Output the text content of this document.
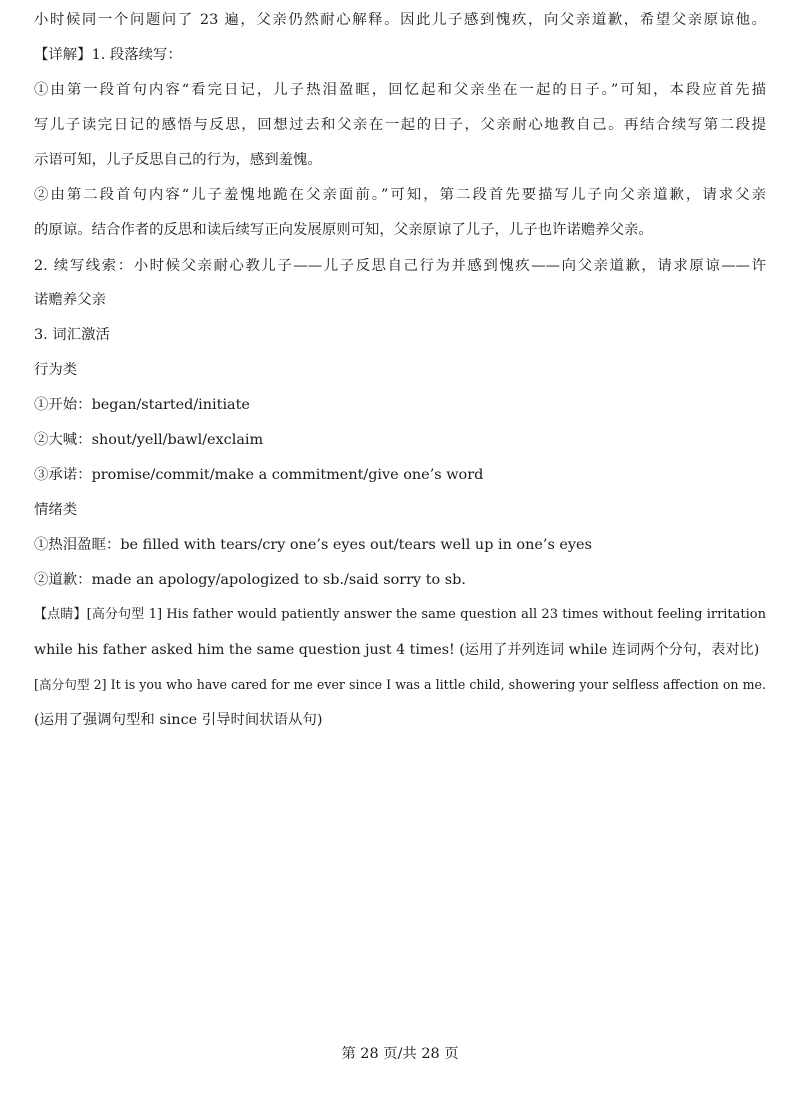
小时候同一个问题问了 23 遍，父亲仍然耐心解释。因此儿子感到愧疚，向父亲道歉，希望父亲原谅他。
【详解】1. 段落续写：
①由第一段首句内容“看完日记，儿子热泪盈眶，回忆起和父亲坐在一起的日子。”可知，本段应首先描
写儿子读完日记的感悟与反思，回想过去和父亲在一起的日子，父亲耐心地教自己。再结合续写第二段提
示语可知，儿子反思自己的行为，感到羞愧。
②由第二段首句内容“儿子羞愧地跪在父亲面前。”可知，第二段首先要描写儿子向父亲道歉，请求父亲
的原谅。结合作者的反思和读后续写正向发展原则可知，父亲原谅了儿子，儿子也许诺赡养父亲。
2. 续写线索：小时候父亲耐心教儿子——儿子反思自己行为并感到愧疚——向父亲道歉，请求原谅——许
诺赡养父亲
3. 词汇激活
行为类
①开始：began/started/initiate
②大喊：shout/yell/bawl/exclaim
③承诺：promise/commit/make a commitment/give one’s word
情绪类
①热泪盈眶：be filled with tears/cry one’s eyes out/tears well up in one’s eyes
②道歉：made an apology/apologized to sb./said sorry to sb.
【点睛】[高分句型 1] His father would patiently answer the same question all 23 times without feeling irritation
while his father asked him the same question just 4 times! (运用了并列连词 while 连词两个分句，表对比)
[高分句型 2] It is you who have cared for me ever since I was a little child, showering your selfless affection on me.
(运用了强调句型和 since 引导时间状语从句)
第 28 页/共 28 页
